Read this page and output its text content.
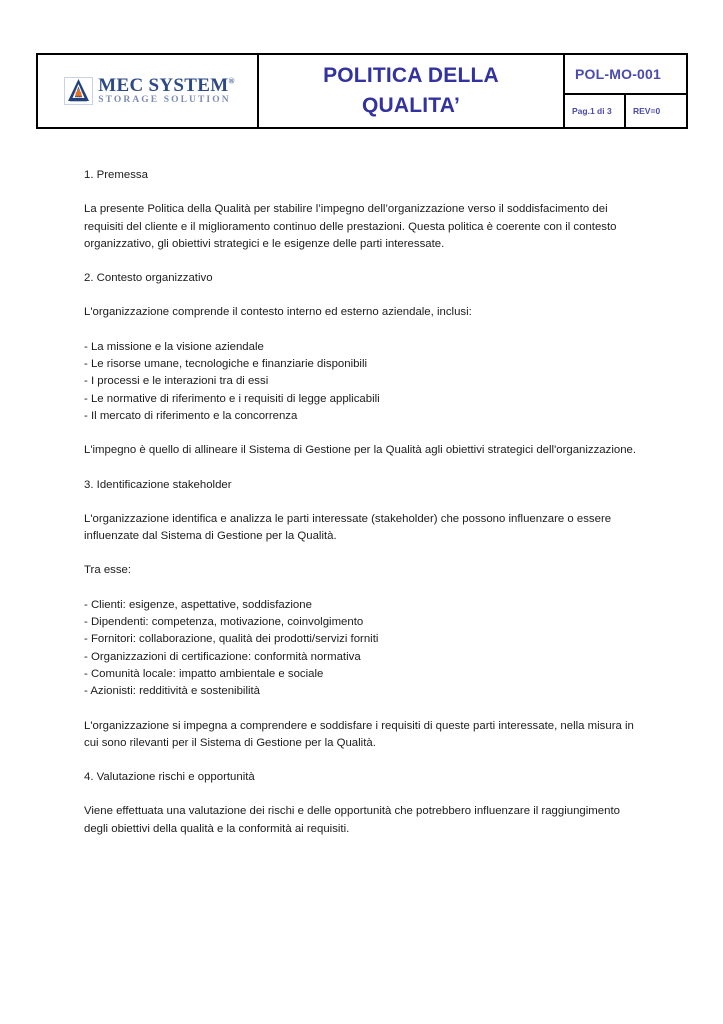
MEC
MEC SYSTEM®
STORAGE SOLUTION
POLITICA DELLA
QUALITA’
POL-MO-001
Pag.1 di 3	REV=0

1. Premessa

La presente Politica della Qualità per stabilire l’impegno dell’organizzazione verso il soddisfacimento dei requisiti del cliente e il miglioramento continuo delle prestazioni. Questa politica è coerente con il contesto organizzativo, gli obiettivi strategici e le esigenze delle parti interessate.

2. Contesto organizzativo

L'organizzazione comprende il contesto interno ed esterno aziendale, inclusi:

- La missione e la visione aziendale

- Le risorse umane, tecnologiche e finanziarie disponibili

- I processi e le interazioni tra di essi

- Le normative di riferimento e i requisiti di legge applicabili

- Il mercato di riferimento e la concorrenza

L'impegno è quello di allineare il Sistema di Gestione per la Qualità agli obiettivi strategici dell'organizzazione.

3. Identificazione stakeholder

L'organizzazione identifica e analizza le parti interessate (stakeholder) che possono influenzare o essere influenzate dal Sistema di Gestione per la Qualità.

Tra esse:

- Clienti: esigenze, aspettative, soddisfazione

- Dipendenti: competenza, motivazione, coinvolgimento

- Fornitori: collaborazione, qualità dei prodotti/servizi forniti

- Organizzazioni di certificazione: conformità normativa

- Comunità locale: impatto ambientale e sociale

- Azionisti: redditività e sostenibilità

L'organizzazione si impegna a comprendere e soddisfare i requisiti di queste parti interessate, nella misura in cui sono rilevanti per il Sistema di Gestione per la Qualità.

4. Valutazione rischi e opportunità

Viene effettuata una valutazione dei rischi e delle opportunità che potrebbero influenzare il raggiungimento degli obiettivi della qualità e la conformità ai requisiti.
